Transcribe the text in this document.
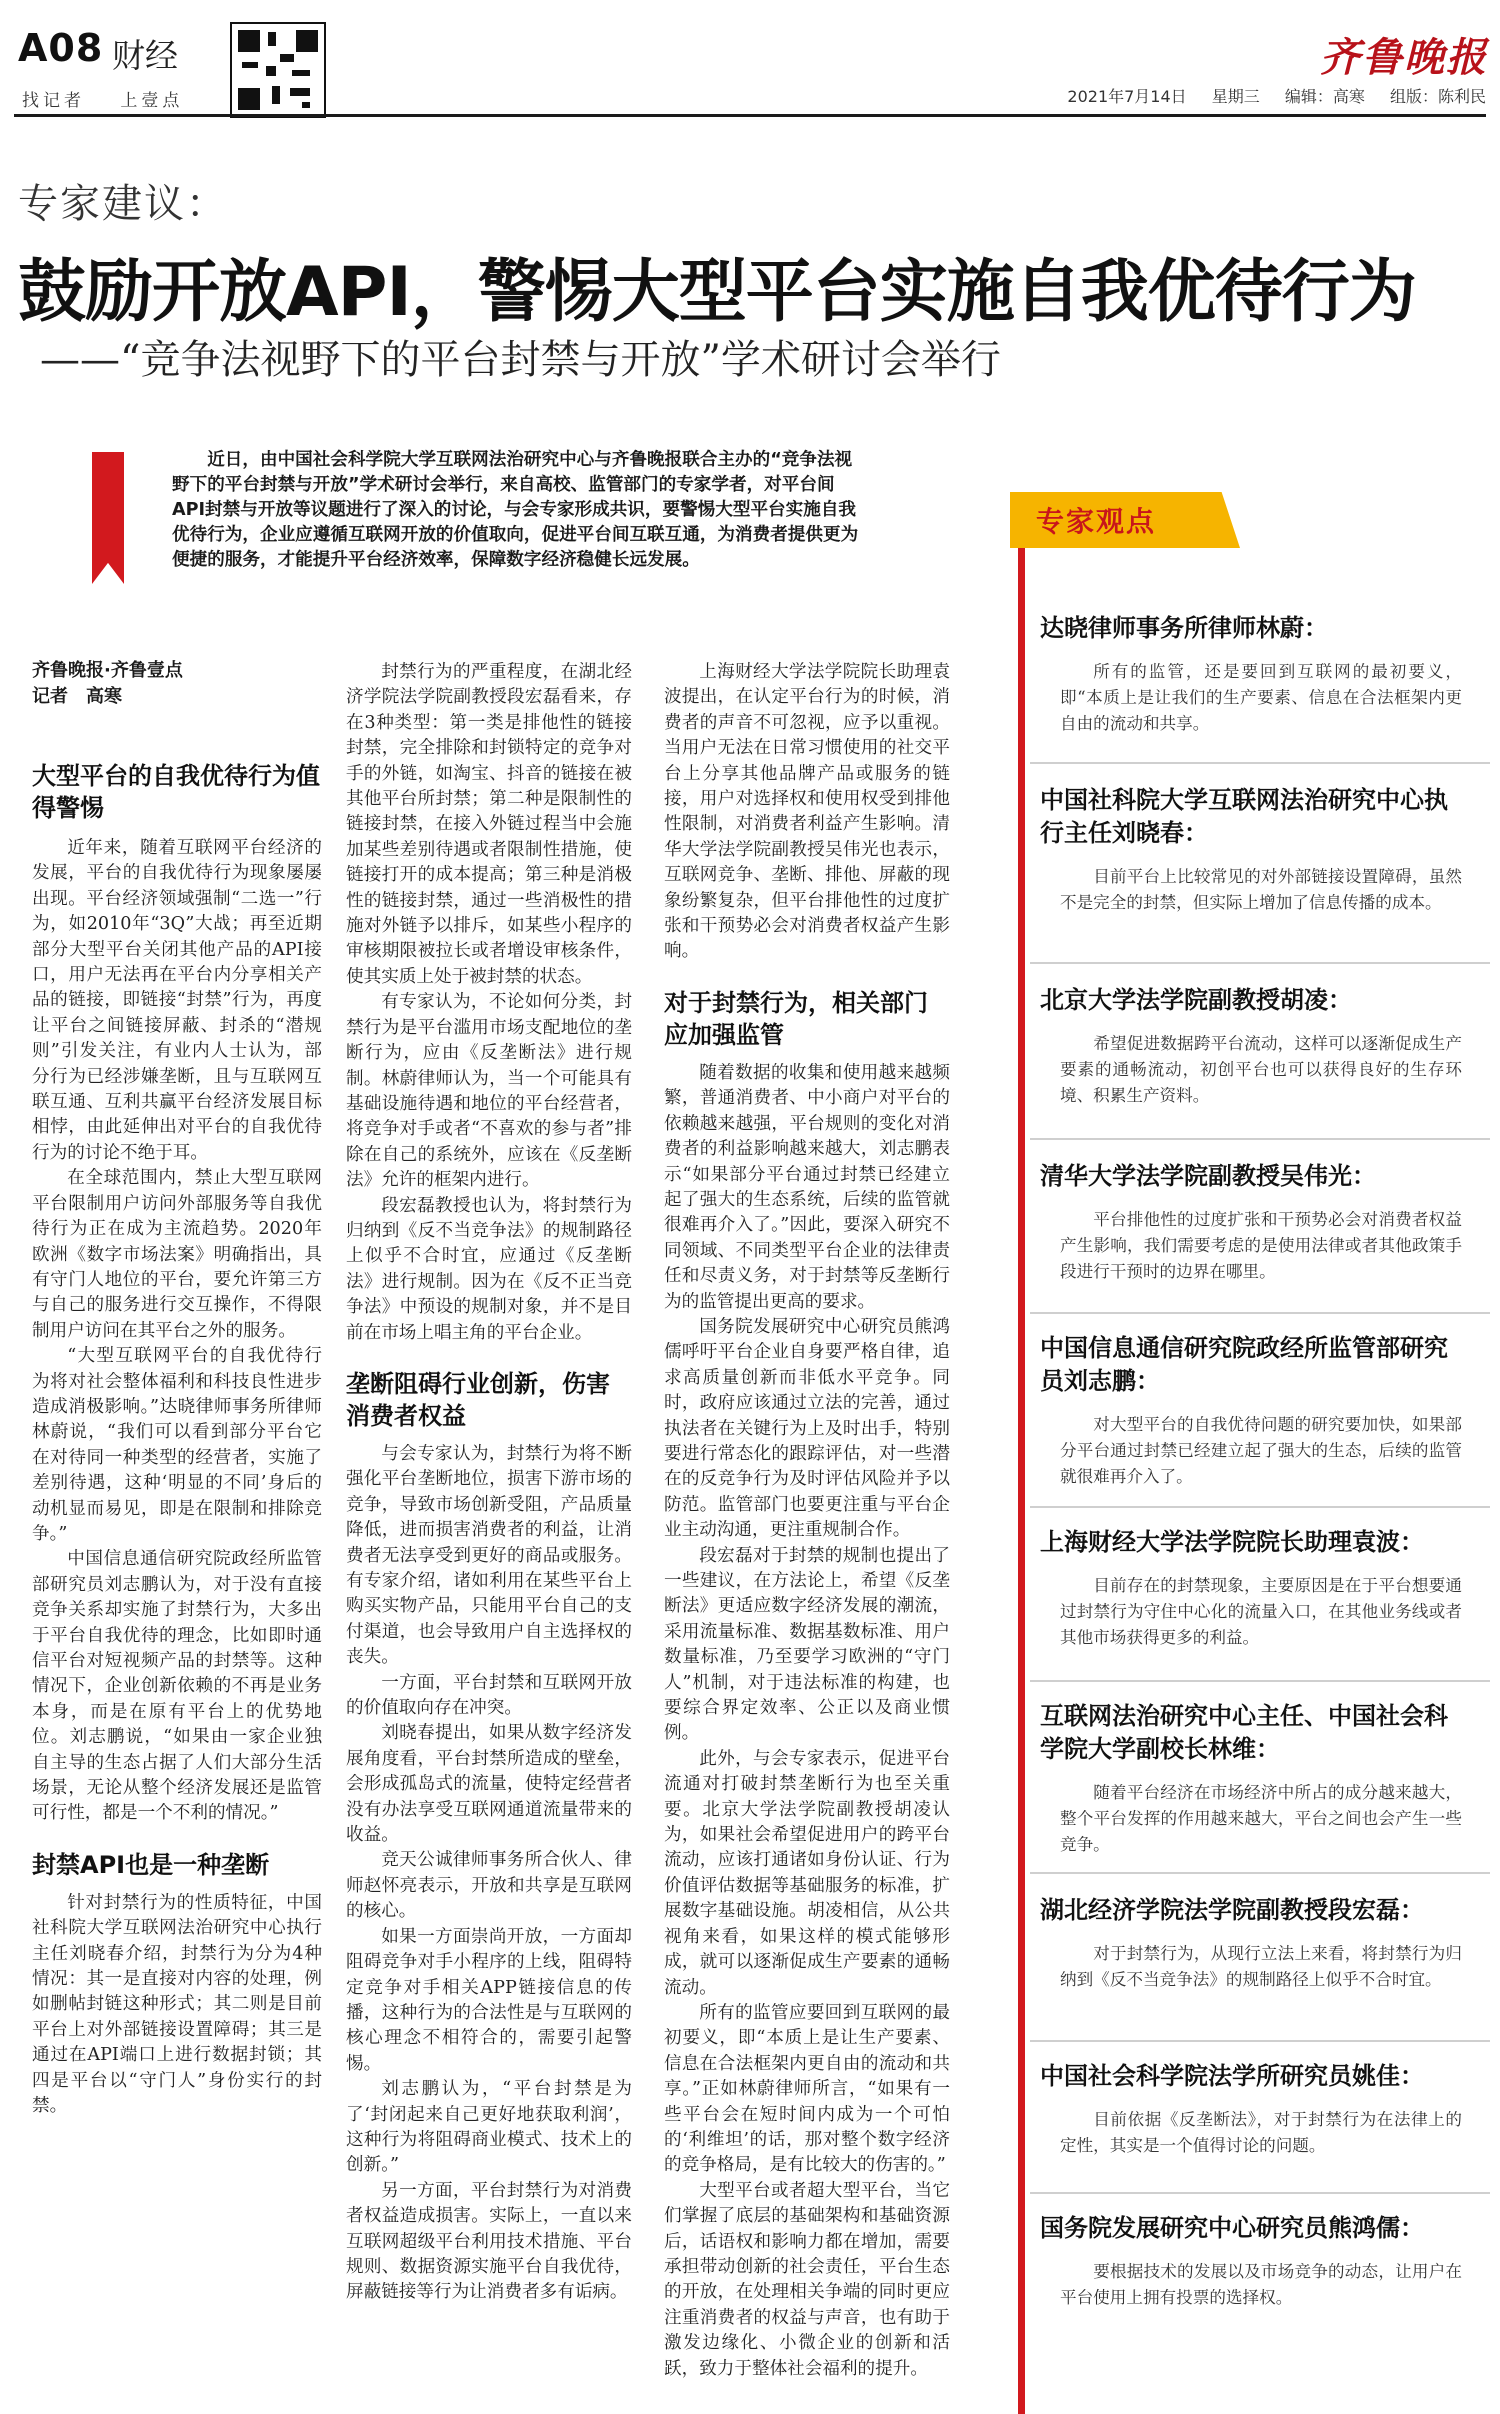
A08 财经
找记者 上壹点
齐鲁晚报
2021年7月14日 星期三 编辑：高寒 组版：陈利民
专家建议：
鼓励开放API，警惕大型平台实施自我优待行为
——“竞争法视野下的平台封禁与开放”学术研讨会举行
近日，由中国社会科学院大学互联网法治研究中心与齐鲁晚报联合主办的“竞争法视野下的平台封禁与开放”学术研讨会举行，来自高校、监管部门的专家学者，对平台间API封禁与开放等议题进行了深入的讨论，与会专家形成共识，要警惕大型平台实施自我优待行为，企业应遵循互联网开放的价值取向，促进平台间互联互通，为消费者提供更为便捷的服务，才能提升平台经济效率，保障数字经济稳健长远发展。
齐鲁晚报·齐鲁壹点
记者　高寒
大型平台的自我优待行为值得警惕

近年来，随着互联网平台经济的发展，平台的自我优待行为现象屡屡出现。平台经济领域强制“二选一”行为，如2010年“3Q”大战；再至近期部分大型平台关闭其他产品的API接口，用户无法再在平台内分享相关产品的链接，即链接“封禁”行为，再度让平台之间链接屏蔽、封杀的“潜规则”引发关注，有业内人士认为，部分行为已经涉嫌垄断，且与互联网互联互通、互利共赢平台经济发展目标相悖，由此延伸出对平台的自我优待行为的讨论不绝于耳。

在全球范围内，禁止大型互联网平台限制用户访问外部服务等自我优待行为正在成为主流趋势。2020年欧洲《数字市场法案》明确指出，具有守门人地位的平台，要允许第三方与自己的服务进行交互操作，不得限制用户访问在其平台之外的服务。

“大型互联网平台的自我优待行为将对社会整体福利和科技良性进步造成消极影响。”达晓律师事务所律师林蔚说，“我们可以看到部分平台它在对待同一种类型的经营者，实施了差别待遇，这种‘明显的不同’身后的动机显而易见，即是在限制和排除竞争。”

中国信息通信研究院政经所监管部研究员刘志鹏认为，对于没有直接竞争关系却实施了封禁行为，大多出于平台自我优待的理念，比如即时通信平台对短视频产品的封禁等。这种情况下，企业创新依赖的不再是业务本身，而是在原有平台上的优势地位。刘志鹏说，“如果由一家企业独自主导的生态占据了人们大部分生活场景，无论从整个经济发展还是监管可行性，都是一个不利的情况。”

封禁API也是一种垄断

针对封禁行为的性质特征，中国社科院大学互联网法治研究中心执行主任刘晓春介绍，封禁行为分为4种情况：其一是直接对内容的处理，例如删帖封链这种形式；其二则是目前平台上对外部链接设置障碍；其三是通过在API端口上进行数据封锁；其四是平台以“守门人”身份实行的封禁。

封禁行为的严重程度，在湖北经济学院法学院副教授段宏磊看来，存在3种类型：第一类是排他性的链接封禁，完全排除和封锁特定的竞争对手的外链，如淘宝、抖音的链接在被其他平台所封禁；第二种是限制性的链接封禁，在接入外链过程当中会施加某些差别待遇或者限制性措施，使链接打开的成本提高；第三种是消极性的链接封禁，通过一些消极性的措施对外链予以排斥，如某些小程序的审核期限被拉长或者增设审核条件，使其实质上处于被封禁的状态。

有专家认为，不论如何分类，封禁行为是平台滥用市场支配地位的垄断行为，应由《反垄断法》进行规制。林蔚律师认为，当一个可能具有基础设施待遇和地位的平台经营者，将竞争对手或者“不喜欢的参与者”排除在自己的系统外，应该在《反垄断法》允许的框架内进行。

段宏磊教授也认为，将封禁行为归纳到《反不当竞争法》的规制路径上似乎不合时宜，应通过《反垄断法》进行规制。因为在《反不正当竞争法》中预设的规制对象，并不是目前在市场上唱主角的平台企业。

垄断阻碍行业创新，伤害消费者权益

与会专家认为，封禁行为将不断强化平台垄断地位，损害下游市场的竞争，导致市场创新受阻，产品质量降低，进而损害消费者的利益，让消费者无法享受到更好的商品或服务。有专家介绍，诸如利用在某些平台上购买实物产品，只能用平台自己的支付渠道，也会导致用户自主选择权的丧失。

一方面，平台封禁和互联网开放的价值取向存在冲突。

刘晓春提出，如果从数字经济发展角度看，平台封禁所造成的壁垒，会形成孤岛式的流量，使特定经营者没有办法享受互联网通道流量带来的收益。

竞天公诚律师事务所合伙人、律师赵怀亮表示，开放和共享是互联网的核心。

如果一方面崇尚开放，一方面却阻碍竞争对手小程序的上线，阻碍特定竞争对手相关APP链接信息的传播，这种行为的合法性是与互联网的核心理念不相符合的，需要引起警惕。

刘志鹏认为，“平台封禁是为了‘封闭起来自己更好地获取利润’，这种行为将阻碍商业模式、技术上的创新。”

另一方面，平台封禁行为对消费者权益造成损害。实际上，一直以来互联网超级平台利用技术措施、平台规则、数据资源实施平台自我优待，屏蔽链接等行为让消费者多有诟病。

上海财经大学法学院院长助理袁波提出，在认定平台行为的时候，消费者的声音不可忽视，应予以重视。当用户无法在日常习惯使用的社交平台上分享其他品牌产品或服务的链接，用户对选择权和使用权受到排他性限制，对消费者利益产生影响。清华大学法学院副教授吴伟光也表示，互联网竞争、垄断、排他、屏蔽的现象纷繁复杂，但平台排他性的过度扩张和干预势必会对消费者权益产生影响。

对于封禁行为，相关部门应加强监管

随着数据的收集和使用越来越频繁，普通消费者、中小商户对平台的依赖越来越强，平台规则的变化对消费者的利益影响越来越大，刘志鹏表示“如果部分平台通过封禁已经建立起了强大的生态系统，后续的监管就很难再介入了。”因此，要深入研究不同领域、不同类型平台企业的法律责任和尽责义务，对于封禁等反垄断行为的监管提出更高的要求。

国务院发展研究中心研究员熊鸿儒呼吁平台企业自身要严格自律，追求高质量创新而非低水平竞争。同时，政府应该通过立法的完善，通过执法者在关键行为上及时出手，特别要进行常态化的跟踪评估，对一些潜在的反竞争行为及时评估风险并予以防范。监管部门也要更注重与平台企业主动沟通，更注重规制合作。

段宏磊对于封禁的规制也提出了一些建议，在方法论上，希望《反垄断法》更适应数字经济发展的潮流，采用流量标准、数据基数标准、用户数量标准，乃至要学习欧洲的“守门人”机制，对于违法标准的构建，也要综合界定效率、公正以及商业惯例。

此外，与会专家表示，促进平台流通对打破封禁垄断行为也至关重要。北京大学法学院副教授胡凌认为，如果社会希望促进用户的跨平台流动，应该打通诸如身份认证、行为价值评估数据等基础服务的标准，扩展数字基础设施。胡凌相信，从公共视角来看，如果这样的模式能够形成，就可以逐渐促成生产要素的通畅流动。

所有的监管应要回到互联网的最初要义，即“本质上是让生产要素、信息在合法框架内更自由的流动和共享。”正如林蔚律师所言，“如果有一些平台会在短时间内成为一个可怕的‘利维坦’的话，那对整个数字经济的竞争格局，是有比较大的伤害的。”

大型平台或者超大型平台，当它们掌握了底层的基础架构和基础资源后，话语权和影响力都在增加，需要承担带动创新的社会责任，平台生态的开放，在处理相关争端的同时更应注重消费者的权益与声音，也有助于激发边缘化、小微企业的创新和活跃，致力于整体社会福利的提升。

专家观点
达晓律师事务所律师林蔚：
所有的监管，还是要回到互联网的最初要义，即“本质上是让我们的生产要素、信息在合法框架内更自由的流动和共享。
中国社科院大学互联网法治研究中心执行主任刘晓春：
目前平台上比较常见的对外部链接设置障碍，虽然不是完全的封禁，但实际上增加了信息传播的成本。
北京大学法学院副教授胡凌：
希望促进数据跨平台流动，这样可以逐渐促成生产要素的通畅流动，初创平台也可以获得良好的生存环境、积累生产资料。
清华大学法学院副教授吴伟光：
平台排他性的过度扩张和干预势必会对消费者权益产生影响，我们需要考虑的是使用法律或者其他政策手段进行干预时的边界在哪里。
中国信息通信研究院政经所监管部研究员刘志鹏：
对大型平台的自我优待问题的研究要加快，如果部分平台通过封禁已经建立起了强大的生态，后续的监管就很难再介入了。
上海财经大学法学院院长助理袁波：
目前存在的封禁现象，主要原因是在于平台想要通过封禁行为守住中心化的流量入口，在其他业务线或者其他市场获得更多的利益。
互联网法治研究中心主任、中国社会科学院大学副校长林维：
随着平台经济在市场经济中所占的成分越来越大，整个平台发挥的作用越来越大，平台之间也会产生一些竞争。
湖北经济学院法学院副教授段宏磊：
对于封禁行为，从现行立法上来看，将封禁行为归纳到《反不当竞争法》的规制路径上似乎不合时宜。
中国社会科学院法学所研究员姚佳：
目前依据《反垄断法》，对于封禁行为在法律上的定性，其实是一个值得讨论的问题。
国务院发展研究中心研究员熊鸿儒：
要根据技术的发展以及市场竞争的动态，让用户在平台使用上拥有投票的选择权。
